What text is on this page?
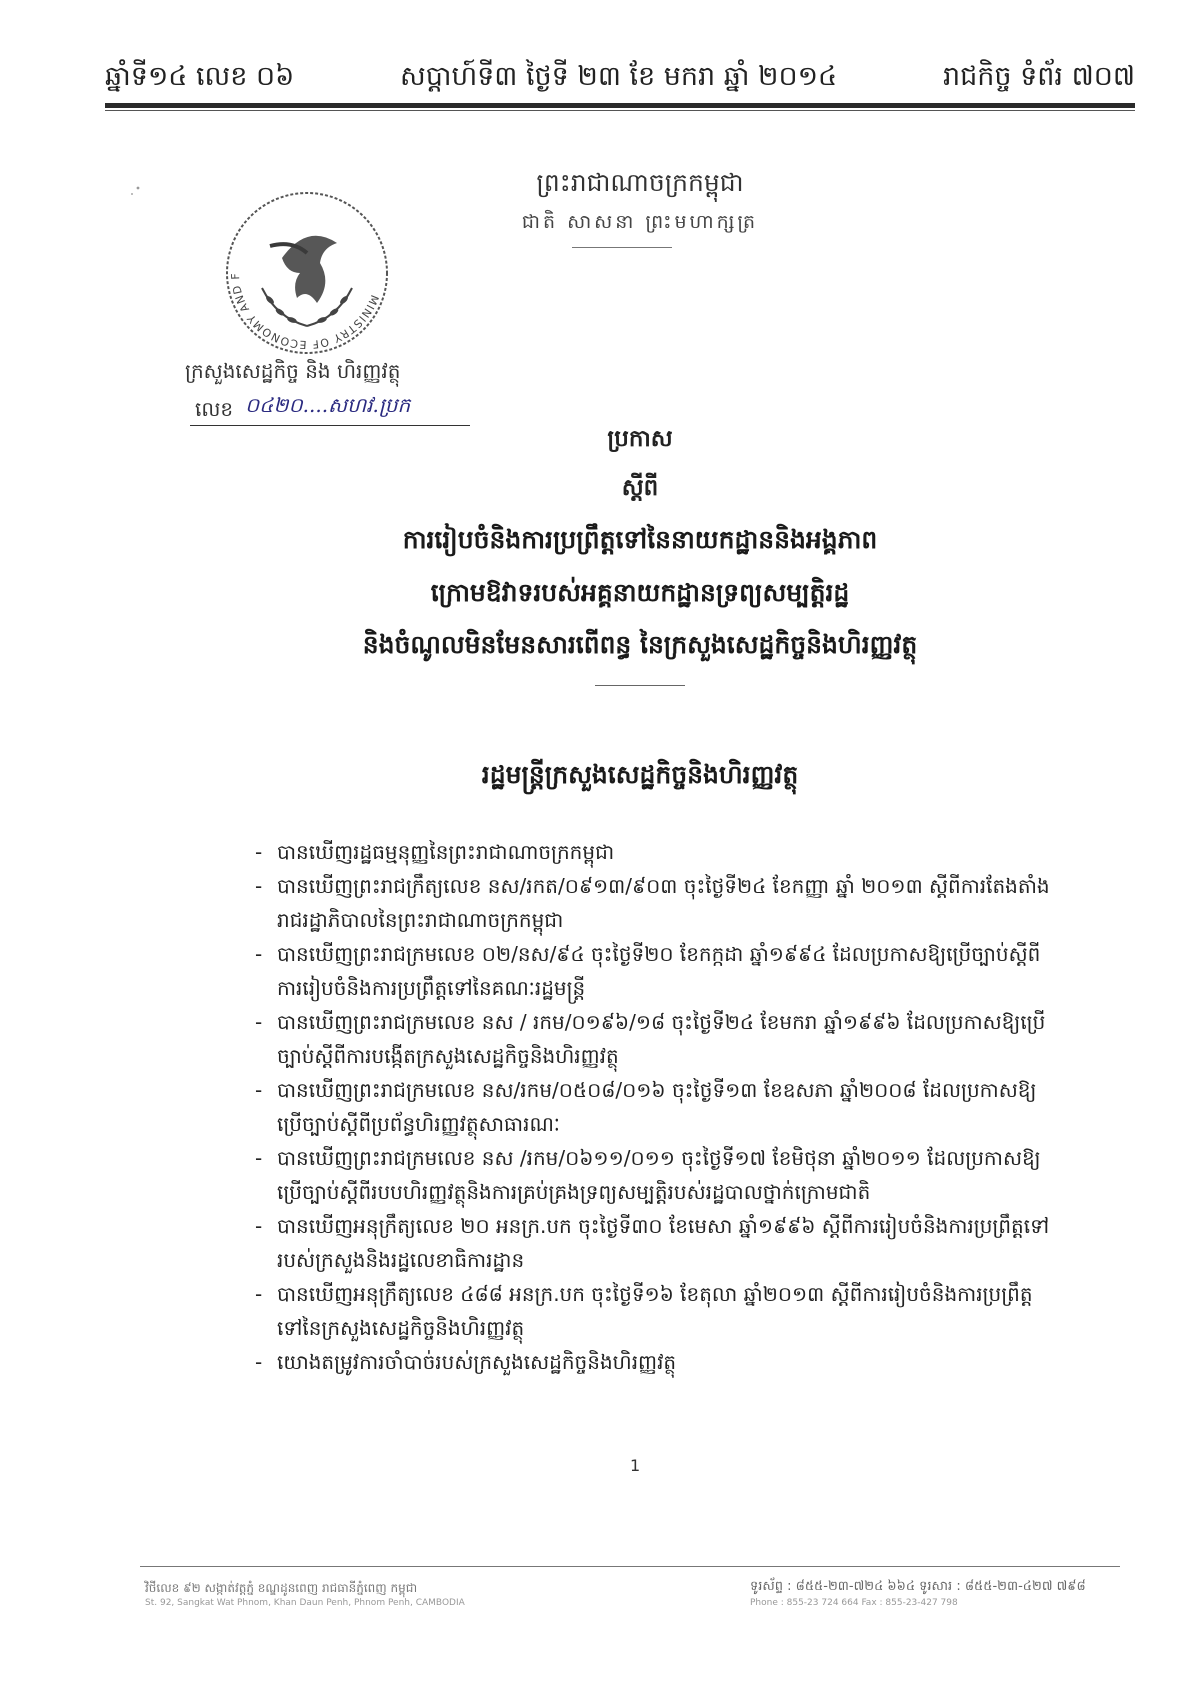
ឆ្នាំទី១៤ លេខ ០៦	សប្តាហ៍ទី៣ ថ្ងៃទី ២៣ ខែ មករា ឆ្នាំ ២០១៤	រាជកិច្ច ទំព័រ ៧០៧
ព្រះរាជាណាចក្រកម្ពុជា
ជាតិ សាសនា ព្រះមហាក្សត្រ
MINISTRY OF ECONOMY AND F
ក្រសួងសេដ្ឋកិច្ច និង ហិរញ្ញវត្ថុ
លេខ ០៤២០....សហវ.ប្រក
ប្រកាស
ស្តីពី
ការរៀបចំនិងការប្រព្រឹត្តទៅនៃនាយកដ្ឋាននិងអង្គភាព
ក្រោមឱវាទរបស់អគ្គនាយកដ្ឋានទ្រព្យសម្បត្តិរដ្ឋ
និងចំណូលមិនមែនសារពើពន្ធ នៃក្រសួងសេដ្ឋកិច្ចនិងហិរញ្ញវត្ថុ
រដ្ឋមន្ត្រីក្រសួងសេដ្ឋកិច្ចនិងហិរញ្ញវត្ថុ
- បានឃើញរដ្ឋធម្មនុញ្ញនៃព្រះរាជាណាចក្រកម្ពុជា
- បានឃើញព្រះរាជក្រឹត្យលេខ នស/រកត/០៩១៣/៩០៣ ចុះថ្ងៃទី២៤ ខែកញ្ញា ឆ្នាំ ២០១៣ ស្តីពីការតែងតាំងរាជរដ្ឋាភិបាលនៃព្រះរាជាណាចក្រកម្ពុជា
- បានឃើញព្រះរាជក្រមលេខ ០២/នស/៩៤ ចុះថ្ងៃទី២០ ខែកក្កដា ឆ្នាំ១៩៩៤ ដែលប្រកាសឱ្យប្រើច្បាប់ស្តីពីការរៀបចំនិងការប្រព្រឹត្តទៅនៃគណៈរដ្ឋមន្ត្រី
- បានឃើញព្រះរាជក្រមលេខ នស / រកម/០១៩៦/១៨ ចុះថ្ងៃទី២៤ ខែមករា ឆ្នាំ១៩៩៦ ដែលប្រកាសឱ្យប្រើច្បាប់ស្តីពីការបង្កើតក្រសួងសេដ្ឋកិច្ចនិងហិរញ្ញវត្ថុ
- បានឃើញព្រះរាជក្រមលេខ នស/រកម/០៥០៨/០១៦ ចុះថ្ងៃទី១៣ ខែឧសភា ឆ្នាំ២០០៨ ដែលប្រកាសឱ្យប្រើច្បាប់ស្តីពីប្រព័ន្ធហិរញ្ញវត្ថុសាធារណៈ
- បានឃើញព្រះរាជក្រមលេខ នស /រកម/០៦១១/០១១ ចុះថ្ងៃទី១៧ ខែមិថុនា ឆ្នាំ២០១១ ដែលប្រកាសឱ្យប្រើច្បាប់ស្តីពីរបបហិរញ្ញវត្ថុនិងការគ្រប់គ្រងទ្រព្យសម្បត្តិរបស់រដ្ឋបាលថ្នាក់ក្រោមជាតិ
- បានឃើញអនុក្រឹត្យលេខ ២០ អនក្រ.បក ចុះថ្ងៃទី៣០ ខែមេសា ឆ្នាំ១៩៩៦ ស្តីពីការរៀបចំនិងការប្រព្រឹត្តទៅរបស់ក្រសួងនិងរដ្ឋលេខាធិការដ្ឋាន
- បានឃើញអនុក្រឹត្យលេខ ៤៨៨ អនក្រ.បក ចុះថ្ងៃទី១៦ ខែតុលា ឆ្នាំ២០១៣ ស្តីពីការរៀបចំនិងការប្រព្រឹត្តទៅនៃក្រសួងសេដ្ឋកិច្ចនិងហិរញ្ញវត្ថុ
- យោងតម្រូវការចាំបាច់របស់ក្រសួងសេដ្ឋកិច្ចនិងហិរញ្ញវត្ថុ
1
វិថីលេខ ៩២ សង្កាត់វត្តភ្នំ ខណ្ឌដូនពេញ រាជធានីភ្នំពេញ កម្ពុជា
St. 92, Sangkat Wat Phnom, Khan Daun Penh, Phnom Penh, CAMBODIA
ទូរស័ព្ទ : ៨៥៥-២៣-៧២៤ ៦៦៤ ទូរសារ : ៨៥៥-២៣-៤២៧ ៧៩៨
Phone : 855-23 724 664 Fax : 855-23-427 798
